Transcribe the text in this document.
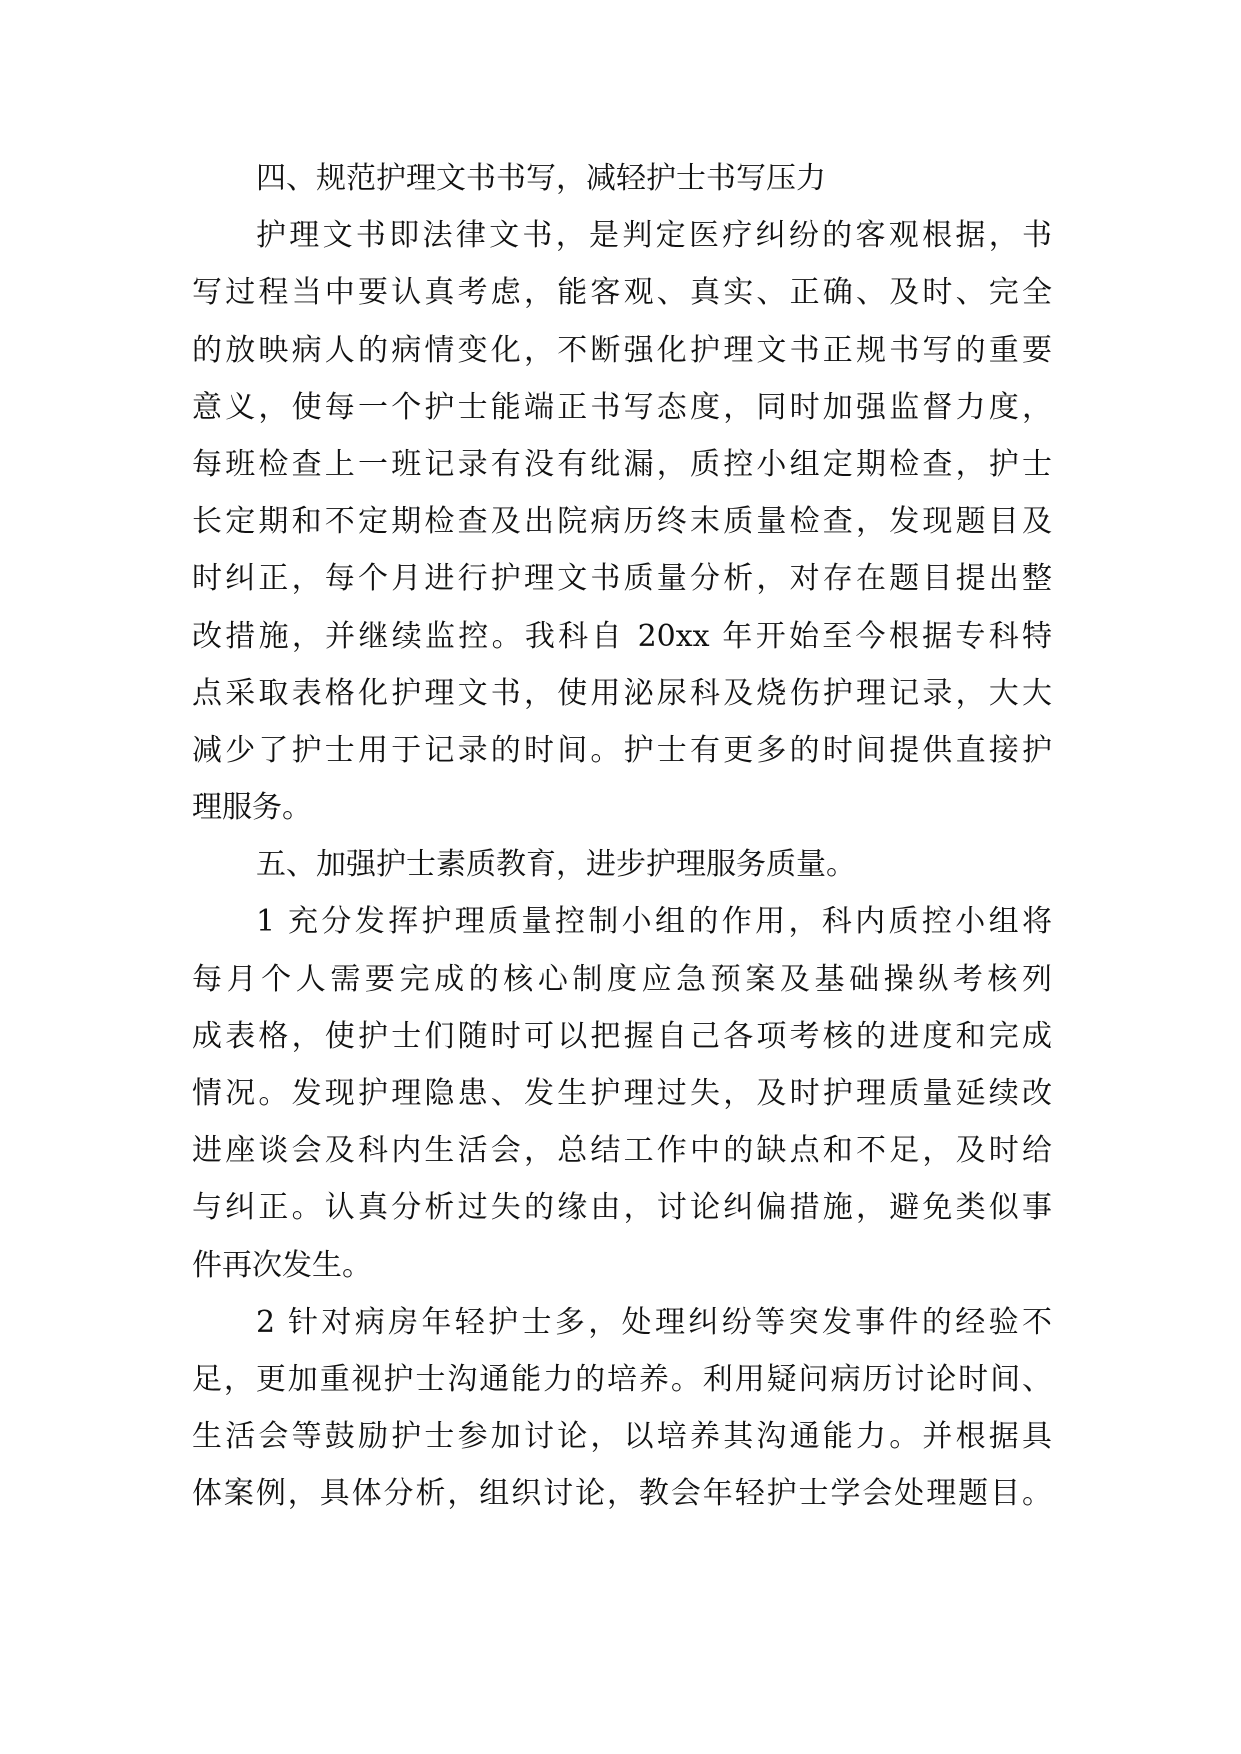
四、规范护理文书书写，减轻护士书写压力
护理文书即法律文书，是判定医疗纠纷的客观根据，书
写过程当中要认真考虑，能客观、真实、正确、及时、完全
的放映病人的病情变化，不断强化护理文书正规书写的重要
意义，使每一个护士能端正书写态度，同时加强监督力度，
每班检查上一班记录有没有纰漏，质控小组定期检查，护士
长定期和不定期检查及出院病历终末质量检查，发现题目及
时纠正，每个月进行护理文书质量分析，对存在题目提出整
改措施，并继续监控。我科自 20xx 年开始至今根据专科特
点采取表格化护理文书，使用泌尿科及烧伤护理记录，大大
减少了护士用于记录的时间。护士有更多的时间提供直接护
理服务。
五、加强护士素质教育，进步护理服务质量。
1 充分发挥护理质量控制小组的作用，科内质控小组将
每月个人需要完成的核心制度应急预案及基础操纵考核列
成表格，使护士们随时可以把握自己各项考核的进度和完成
情况。发现护理隐患、发生护理过失，及时护理质量延续改
进座谈会及科内生活会，总结工作中的缺点和不足，及时给
与纠正。认真分析过失的缘由，讨论纠偏措施，避免类似事
件再次发生。
2 针对病房年轻护士多，处理纠纷等突发事件的经验不
足，更加重视护士沟通能力的培养。利用疑问病历讨论时间、
生活会等鼓励护士参加讨论，以培养其沟通能力。并根据具
体案例，具体分析，组织讨论，教会年轻护士学会处理题目。
